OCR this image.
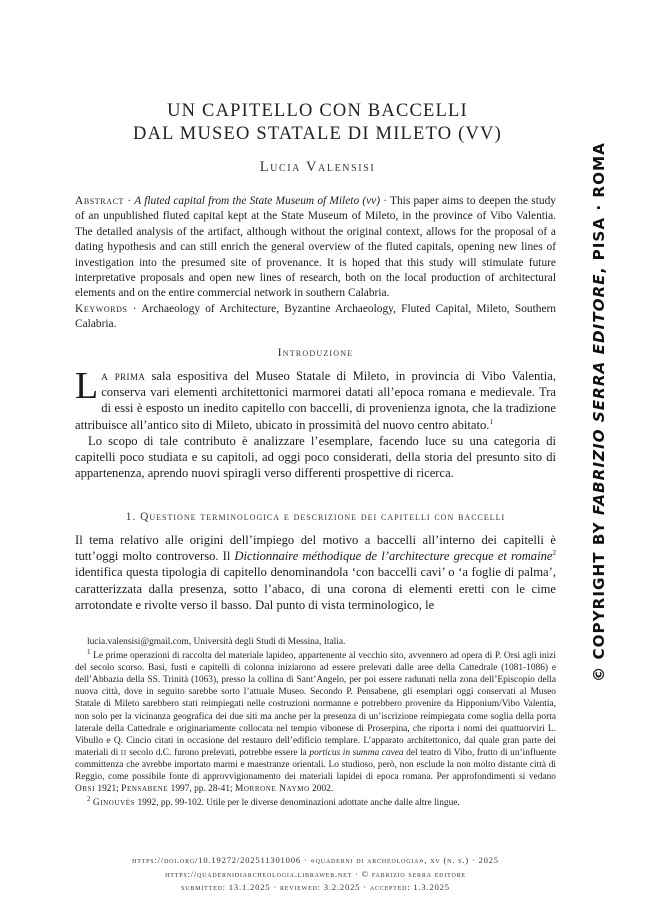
UN CAPITELLO CON BACCELLI
DAL MUSEO STATALE DI MILETO (VV)
Lucia Valensisi

Abstract · A fluted capital from the State Museum of Mileto (vv) · This paper aims to deepen the study of an unpublished fluted capital kept at the State Museum of Mileto, in the province of Vibo Valentia. The detailed analysis of the artifact, although without the original context, allows for the proposal of a dating hypothesis and can still enrich the general overview of the fluted capitals, opening new lines of investigation into the presumed site of provenance. It is hoped that this study will stimulate future interpretative proposals and open new lines of research, both on the local production of architectural elements and on the entire commercial network in southern Calabria.

Keywords · Archaeology of Architecture, Byzantine Archaeology, Fluted Capital, Mileto, Southern Calabria.

Introduzione

La prima sala espositiva del Museo Statale di Mileto, in provincia di Vibo Valentia, conserva vari elementi architettonici marmorei datati all’epoca romana e medievale. Tra di essi è esposto un inedito capitello con baccelli, di provenienza ignota, che la tradizione attribuisce all’antico sito di Mileto, ubicato in prossimità del nuovo centro abitato.$^1$

Lo scopo di tale contributo è analizzare l’esemplare, facendo luce su una categoria di capitelli poco studiata e su capitoli, ad oggi poco considerati, della storia del presunto sito di appartenenza, aprendo nuovi spiragli verso differenti prospettive di ricerca.

1. Questione terminologica e descrizione dei capitelli con baccelli

Il tema relativo alle origini dell’impiego del motivo a baccelli all’interno dei capitelli è tutt’oggi molto controverso. Il Dictionnaire méthodique de l’architecture grecque et romaine$^2$ identifica questa tipologia di capitello denominandola ‘con baccelli cavi’ o ‘a foglie di palma’, caratterizzata dalla presenza, sotto l’abaco, di una corona di elementi eretti con le cime arrotondate e rivolte verso il basso. Dal punto di vista terminologico, le

lucia.valensisi@gmail.com, Università degli Studi di Messina, Italia.

$^1$ Le prime operazioni di raccolta del materiale lapideo, appartenente al vecchio sito, avvennero ad opera di P. Orsi agli inizi del secolo scorso. Basi, fusti e capitelli di colonna iniziarono ad essere prelevati dalle aree della Cattedrale (1081-1086) e dell’Abbazia della SS. Trinità (1063), presso la collina di Sant’Angelo, per poi essere radunati nella zona dell’Episcopio della nuova città, dove in seguito sarebbe sorto l’attuale Museo. Secondo P. Pensabene, gli esemplari oggi conservati al Museo Statale di Mileto sarebbero stati reimpiegati nelle costruzioni normanne e potrebbero provenire da Hipponium/Vibo Valentia, non solo per la vicinanza geografica dei due siti ma anche per la presenza di un’iscrizione reimpiegata come soglia della porta laterale della Cattedrale e originariamente collocata nel tempio vibonese di Proserpina, che riporta i nomi dei quattuorviri L. Vibullo e Q. Cincio citati in occasione del restauro dell’edificio templare. L’apparato architettonico, dal quale gran parte dei materiali di ii secolo d.C. furono prelevati, potrebbe essere la porticus in summa cavea del teatro di Vibo, frutto di un’influente committenza che avrebbe importato marmi e maestranze orientali. Lo studioso, però, non esclude la non molto distante città di Reggio, come possibile fonte di approvvigionamento dei materiali lapidei di epoca romana. Per approfondimenti si vedano Orsi 1921; Pensabene 1997, pp. 28-41; Morrone Naymo 2002.

$^2$ Ginouvès 1992, pp. 99-102. Utile per le diverse denominazioni adottate anche dalle altre lingue.

https://doi.org/10.19272/202511301006 · «quaderni di archeologia», xv (n. s.) · 2025
https://quadernidiarcheologia.libraweb.net · © fabrizio serra editore
submitted: 13.1.2025 · reviewed: 3.2.2025 · accepted: 1.3.2025
© COPYRIGHT BY FABRIZIO SERRA EDITORE, PISA · ROMA
